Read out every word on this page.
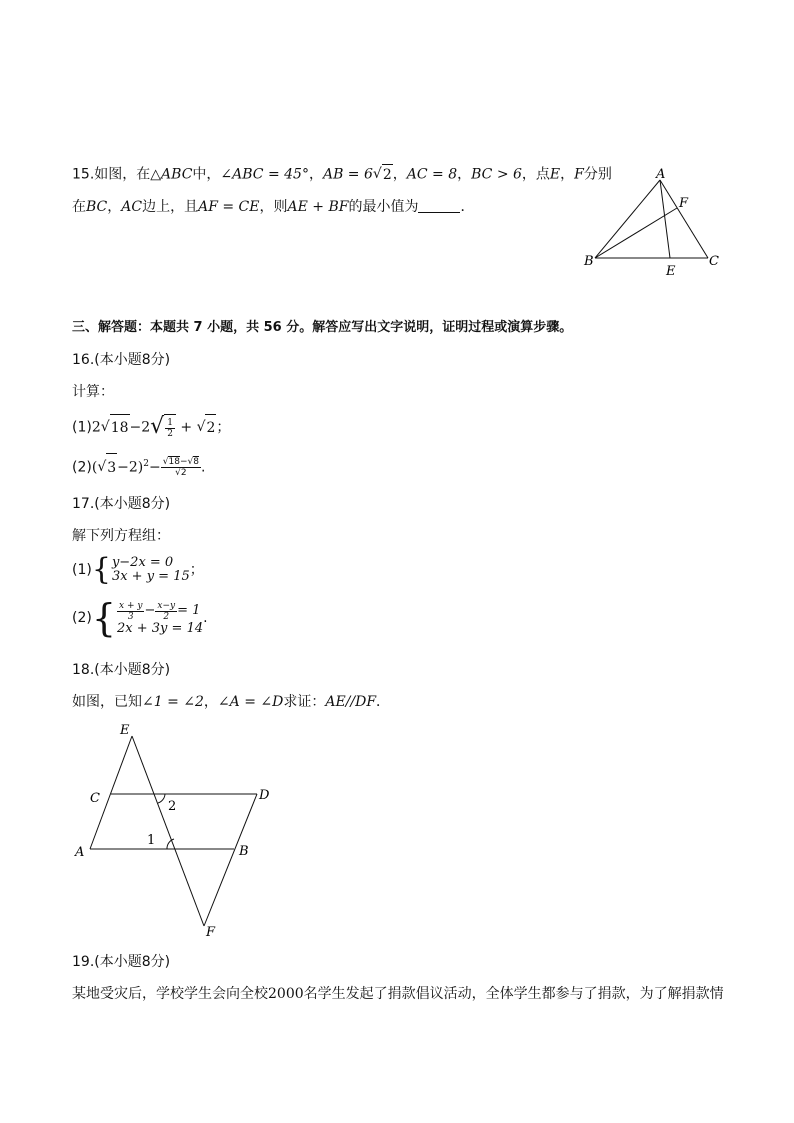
15.如图，在△ABC中，∠ABC = 45°，AB = 6 √ 2 ，AC = 8，BC > 6，点E，F分别
在BC，AC边上，且AF = CE，则AE + BF的最小值为	．
A
F
B
E
C
三、解答题：本题共 7 小题，共 56 分。解答应写出文字说明，证明过程或演算步骤。
16.(本小题8分)
计算：
(1)2 √ 18 −2 √ $\frac{1}{2}$ + √ 2 ；
(2)( √ $3 -2)^2- \frac{√18-√8}{√2}$ .
17.(本小题8分)
解下列方程组：
(1) { y−2x = 0
3x + y = 15 ；
(2) { $\frac{x + y}{3} - \frac{x-y}{2} = 1$
2x + 3y = 14
.
18.(本小题8分)
如图，已知∠1 = ∠2，∠A = ∠D求证：AE//DF．
E
C	D
A	B
F
1
2
19.(本小题8分)
某地受灾后，学校学生会向全校2000名学生发起了捐款倡议活动，全体学生都参与了捐款，为了解捐款情
